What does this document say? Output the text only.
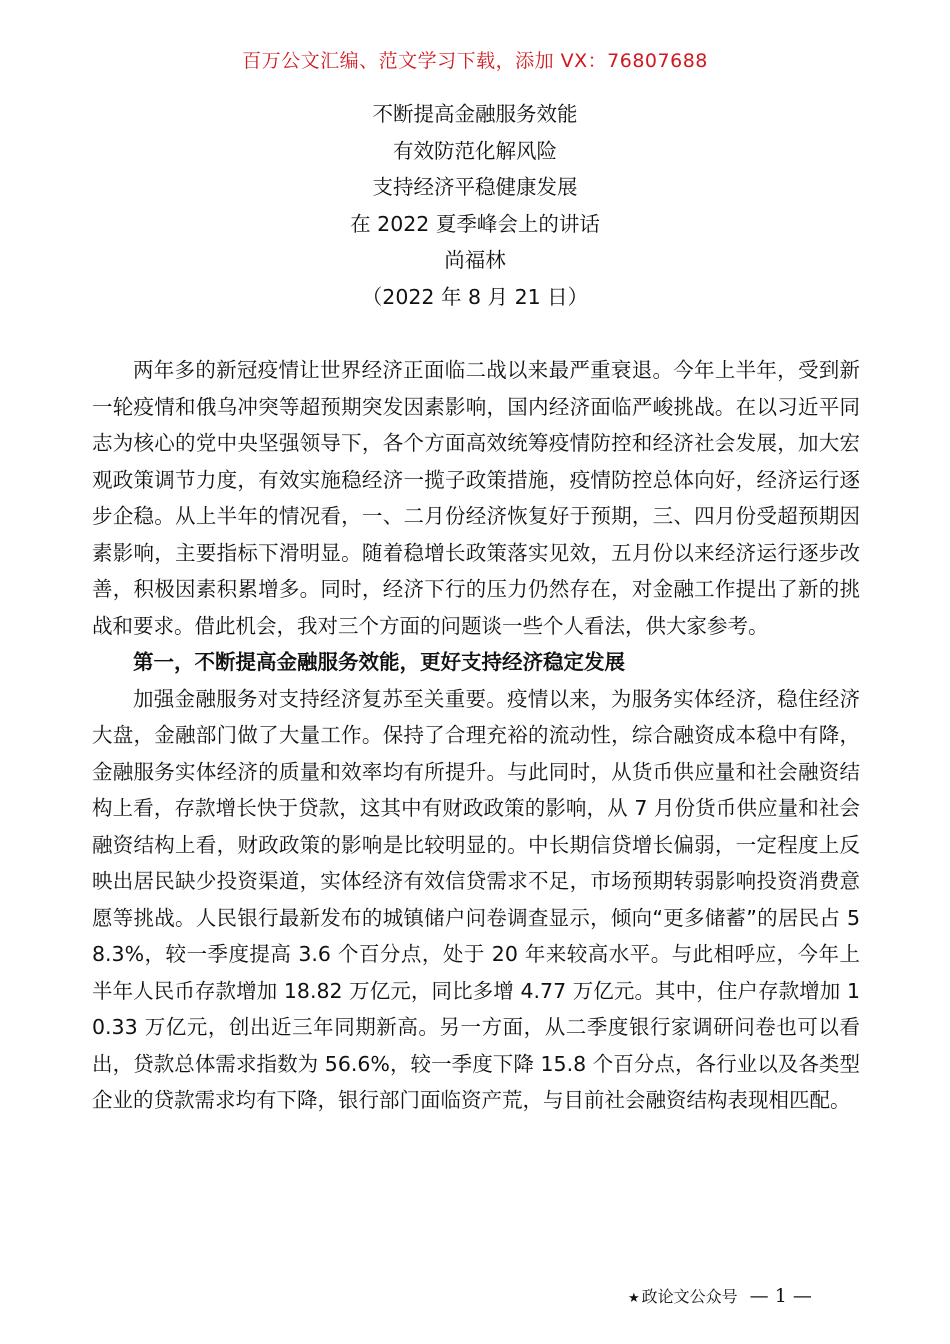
百万公文汇编、范文学习下载，添加 VX：76807688
不断提高金融服务效能
有效防范化解风险
支持经济平稳健康发展
在 2022 夏季峰会上的讲话
尚福林
（2022 年 8 月 21 日）

两年多的新冠疫情让世界经济正面临二战以来最严重衰退。今年上半年，受到新一轮疫情和俄乌冲突等超预期突发因素影响，国内经济面临严峻挑战。在以习近平同志为核心的党中央坚强领导下，各个方面高效统筹疫情防控和经济社会发展，加大宏观政策调节力度，有效实施稳经济一揽子政策措施，疫情防控总体向好，经济运行逐步企稳。从上半年的情况看，一、二月份经济恢复好于预期，三、四月份受超预期因素影响，主要指标下滑明显。随着稳增长政策落实见效，五月份以来经济运行逐步改善，积极因素积累增多。同时，经济下行的压力仍然存在，对金融工作提出了新的挑战和要求。借此机会，我对三个方面的问题谈一些个人看法，供大家参考。

第一，不断提高金融服务效能，更好支持经济稳定发展

加强金融服务对支持经济复苏至关重要。疫情以来，为服务实体经济，稳住经济大盘，金融部门做了大量工作。保持了合理充裕的流动性，综合融资成本稳中有降，金融服务实体经济的质量和效率均有所提升。与此同时，从货币供应量和社会融资结构上看，存款增长快于贷款，这其中有财政政策的影响，从 7 月份货币供应量和社会融资结构上看，财政政策的影响是比较明显的。中长期信贷增长偏弱，一定程度上反映出居民缺少投资渠道，实体经济有效信贷需求不足，市场预期转弱影响投资消费意愿等挑战。人民银行最新发布的城镇储户问卷调查显示，倾向“更多储蓄”的居民占 58.3%，较一季度提高 3.6 个百分点，处于 20 年来较高水平。与此相呼应，今年上半年人民币存款增加 18.82 万亿元，同比多增 4.77 万亿元。其中，住户存款增加 10.33 万亿元，创出近三年同期新高。另一方面，从二季度银行家调研问卷也可以看出，贷款总体需求指数为 56.6%，较一季度下降 15.8 个百分点，各行业以及各类型企业的贷款需求均有下降，银行部门面临资产荒，与目前社会融资结构表现相匹配。

★ 政论文公众号 — 1 —
